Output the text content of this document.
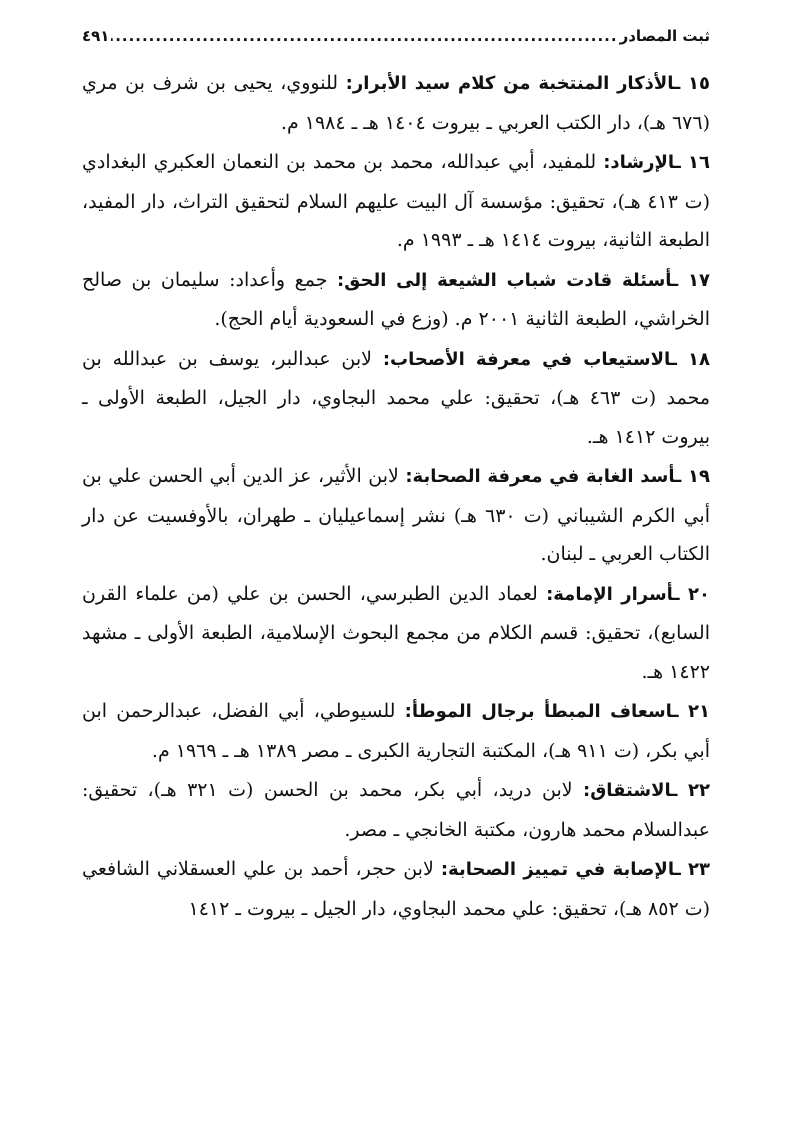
ثبت المصادر
.....
٤٩١

١٥ ـالأذكار المنتخبة من كلام سيد الأبرار: للنووي، يحيى بن شرف بن مري (٦٧٦ هـ)، دار الكتب العربي ـ بيروت ١٤٠٤ هـ ـ ١٩٨٤ م.

١٦ ـالإرشاد: للمفيد، أبي عبدالله، محمد بن محمد بن النعمان العكبري البغدادي (ت ٤١٣ هـ)، تحقيق: مؤسسة آل البيت عليهم السلام لتحقيق التراث، دار المفيد، الطبعة الثانية، بيروت ١٤١٤ هـ ـ ١٩٩٣ م.

١٧ ـأسئلة قادت شباب الشيعة إلى الحق: جمع وأعداد: سليمان بن صالح الخراشي، الطبعة الثانية ٢٠٠١ م. (وزع في السعودية أيام الحج).

١٨ ـالاستيعاب في معرفة الأصحاب: لابن عبدالبر، يوسف بن عبدالله بن محمد (ت ٤٦٣ هـ)، تحقيق: علي محمد البجاوي، دار الجيل، الطبعة الأولى ـ بيروت ١٤١٢ هـ.

١٩ ـأسد الغابة في معرفة الصحابة: لابن الأثير، عز الدين أبي الحسن علي بن أبي الكرم الشيباني (ت ٦٣٠ هـ) نشر إسماعيليان ـ طهران، بالأوفسيت عن دار الكتاب العربي ـ لبنان.

٢٠ ـأسرار الإمامة: لعماد الدين الطبرسي، الحسن بن علي (من علماء القرن السابع)، تحقيق: قسم الكلام من مجمع البحوث الإسلامية، الطبعة الأولى ـ مشهد ١٤٢٢ هـ.

٢١ ـاسعاف المبطأ برجال الموطأ: للسيوطي، أبي الفضل، عبدالرحمن ابن أبي بكر، (ت ٩١١ هـ)، المكتبة التجارية الكبرى ـ مصر ١٣٨٩ هـ ـ ١٩٦٩ م.

٢٢ ـالاشتقاق: لابن دريد، أبي بكر، محمد بن الحسن (ت ٣٢١ هـ)، تحقيق: عبدالسلام محمد هارون، مكتبة الخانجي ـ مصر.

٢٣ ـالإصابة في تمييز الصحابة: لابن حجر، أحمد بن علي العسقلاني الشافعي (ت ٨٥٢ هـ)، تحقيق: علي محمد البجاوي، دار الجيل ـ بيروت ـ ١٤١٢
